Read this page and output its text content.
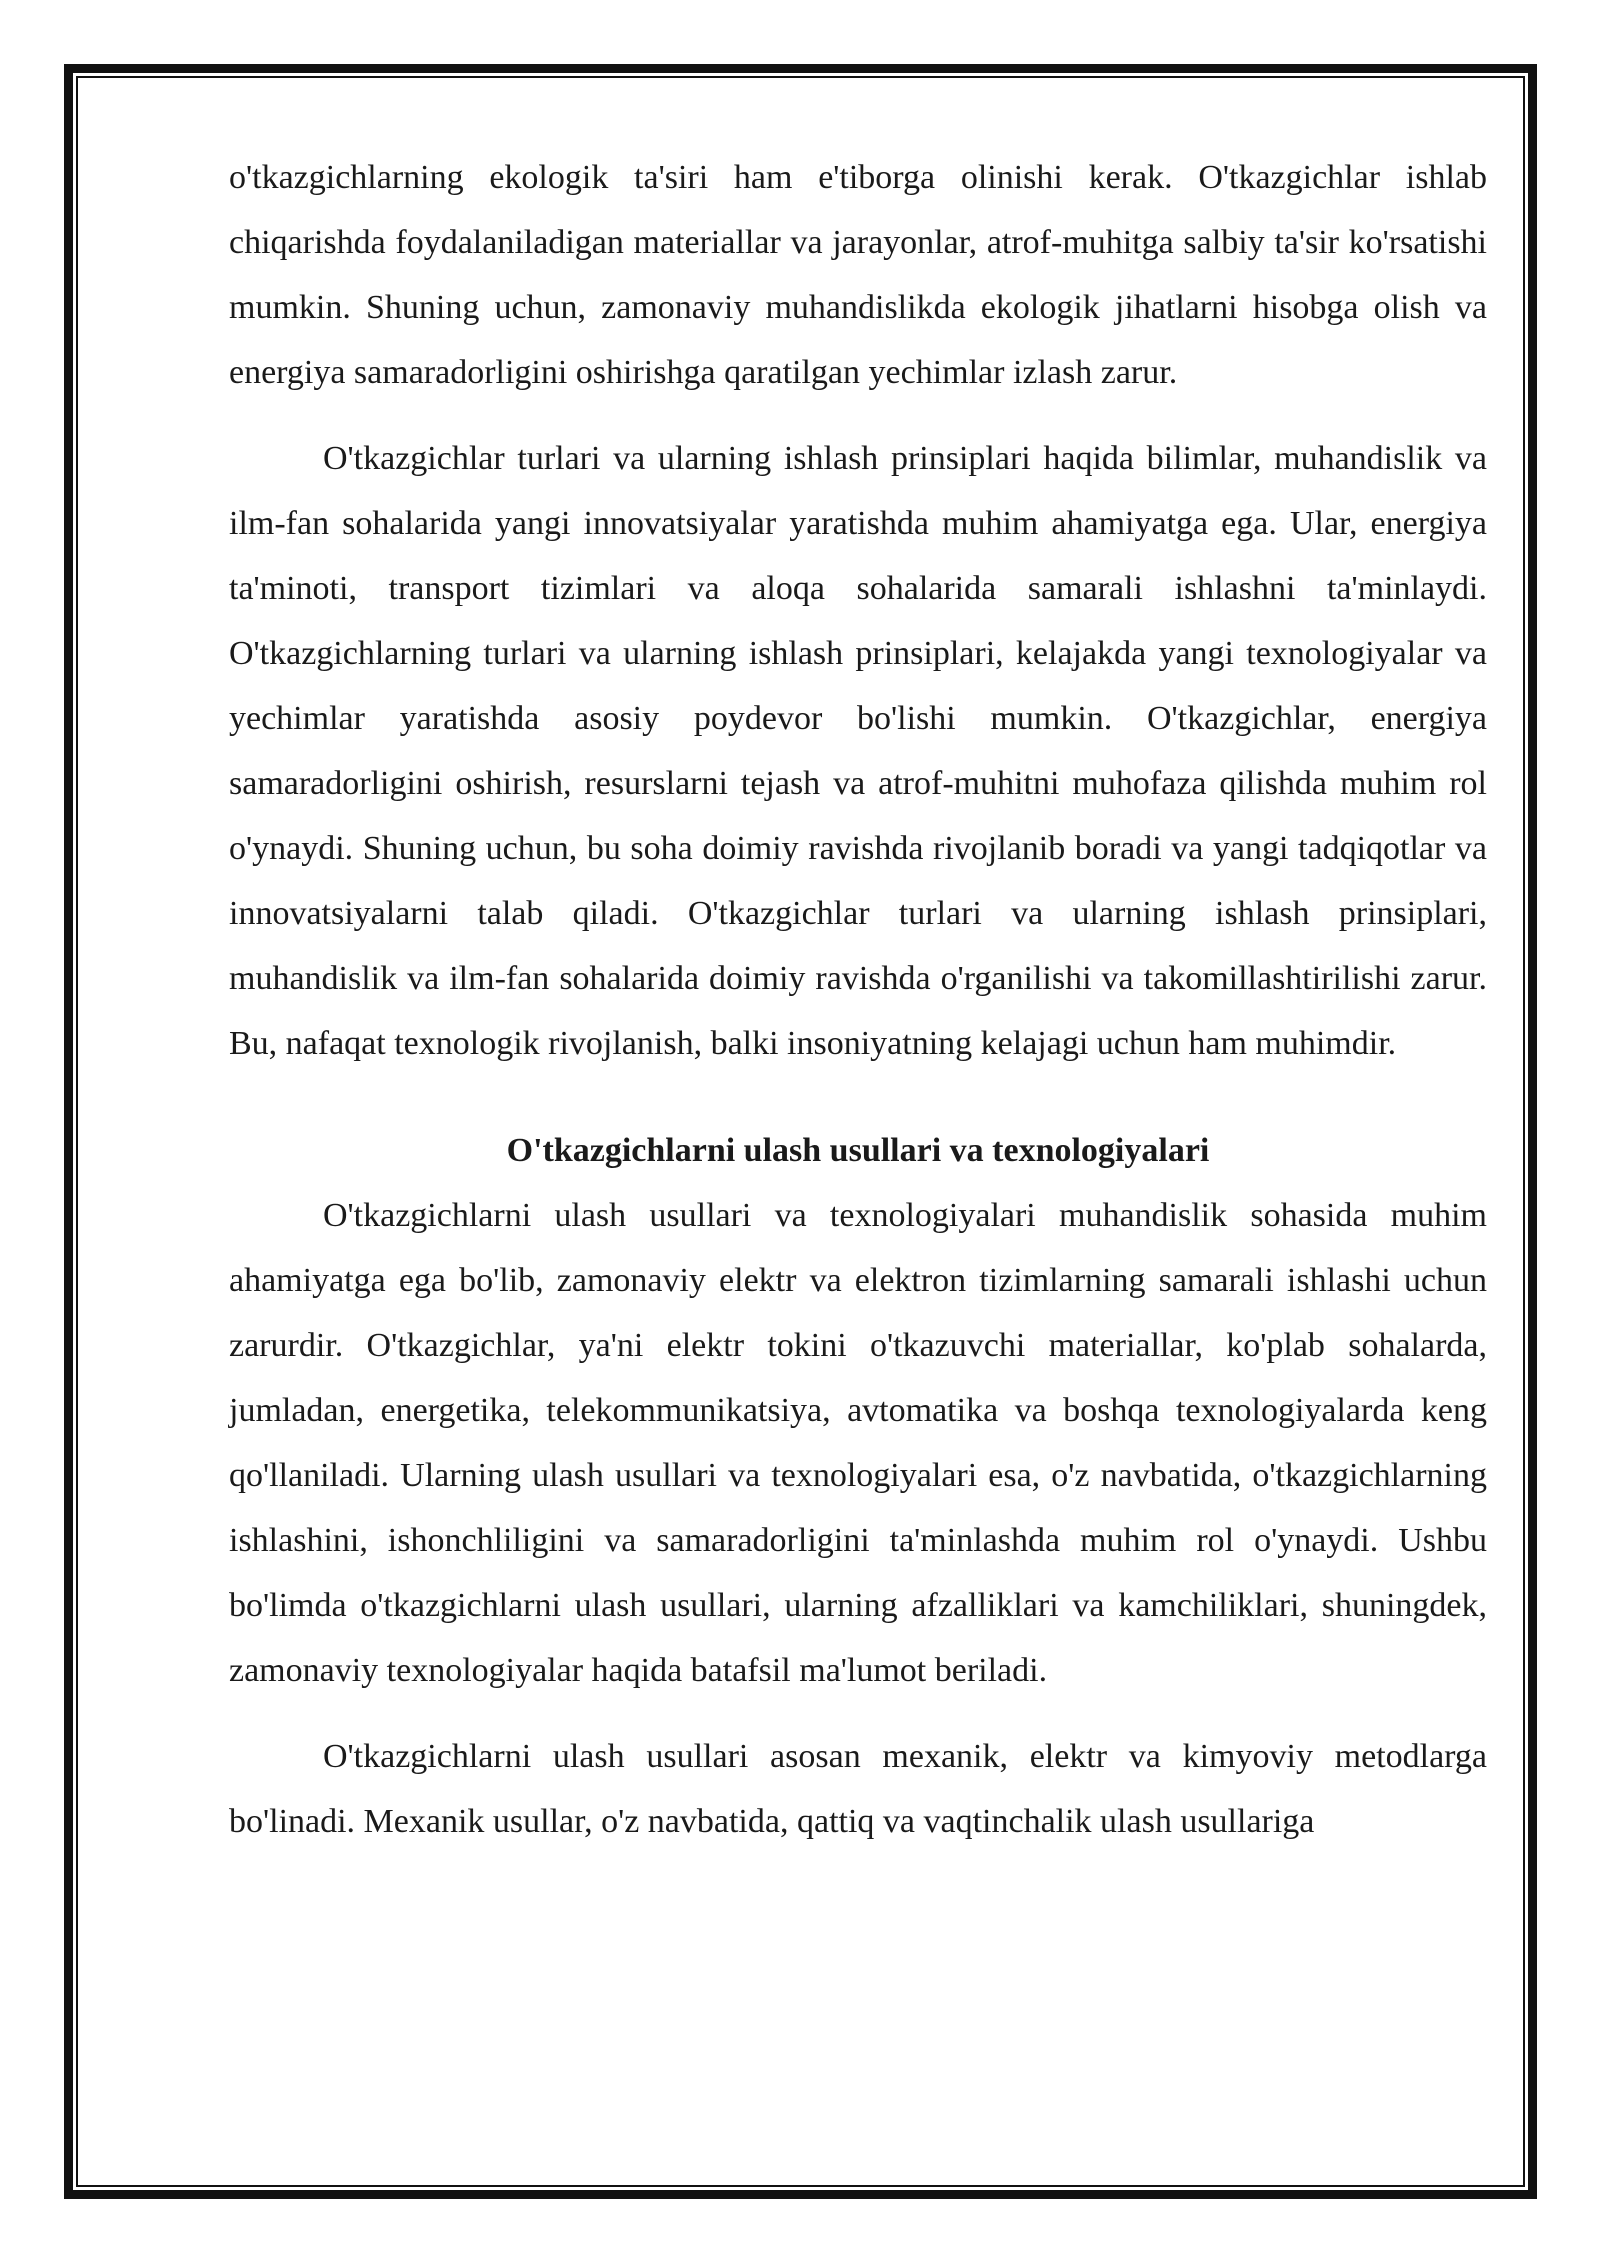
o'tkazgichlarning ekologik ta'siri ham e'tiborga olinishi kerak. O'tkazgichlar ishlab chiqarishda foydalaniladigan materiallar va jarayonlar, atrof-muhitga salbiy ta'sir ko'rsatishi mumkin. Shuning uchun, zamonaviy muhandislikda ekologik jihatlarni hisobga olish va energiya samaradorligini oshirishga qaratilgan yechimlar izlash zarur.

O'tkazgichlar turlari va ularning ishlash prinsiplari haqida bilimlar, muhandislik va ilm-fan sohalarida yangi innovatsiyalar yaratishda muhim ahamiyatga ega. Ular, energiya ta'minoti, transport tizimlari va aloqa sohalarida samarali ishlashni ta'minlaydi. O'tkazgichlarning turlari va ularning ishlash prinsiplari, kelajakda yangi texnologiyalar va yechimlar yaratishda asosiy poydevor bo'lishi mumkin. O'tkazgichlar, energiya samaradorligini oshirish, resurslarni tejash va atrof-muhitni muhofaza qilishda muhim rol o'ynaydi. Shuning uchun, bu soha doimiy ravishda rivojlanib boradi va yangi tadqiqotlar va innovatsiyalarni talab qiladi. O'tkazgichlar turlari va ularning ishlash prinsiplari, muhandislik va ilm-fan sohalarida doimiy ravishda o'rganilishi va takomillashtirilishi zarur. Bu, nafaqat texnologik rivojlanish, balki insoniyatning kelajagi uchun ham muhimdir.

O'tkazgichlarni ulash usullari va texnologiyalari

O'tkazgichlarni ulash usullari va texnologiyalari muhandislik sohasida muhim ahamiyatga ega bo'lib, zamonaviy elektr va elektron tizimlarning samarali ishlashi uchun zarurdir. O'tkazgichlar, ya'ni elektr tokini o'tkazuvchi materiallar, ko'plab sohalarda, jumladan, energetika, telekommunikatsiya, avtomatika va boshqa texnologiyalarda keng qo'llaniladi. Ularning ulash usullari va texnologiyalari esa, o'z navbatida, o'tkazgichlarning ishlashini, ishonchliligini va samaradorligini ta'minlashda muhim rol o'ynaydi. Ushbu bo'limda o'tkazgichlarni ulash usullari, ularning afzalliklari va kamchiliklari, shuningdek, zamonaviy texnologiyalar haqida batafsil ma'lumot beriladi.

O'tkazgichlarni ulash usullari asosan mexanik, elektr va kimyoviy metodlarga bo'linadi. Mexanik usullar, o'z navbatida, qattiq va vaqtinchalik ulash usullariga
